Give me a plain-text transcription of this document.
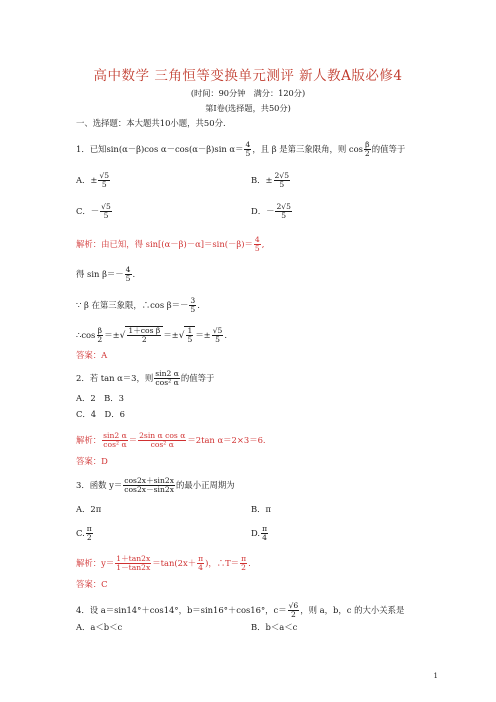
高中数学 三角恒等变换单元测评 新人教A版必修4
(时间：90分钟　满分：120分)
第Ⅰ卷(选择题，共50分)
一、选择题：本大题共10小题，共50分.
1．已知sin(α－β)cos α－cos(α－β)sin $\alpha= \frac{4}{5}$ ，且 β 是第三象限角，则 $\cos \frac{\beta}{2}$ 的值等于
A．± $\frac{√5}{5}$	B．± $\frac{2√5}{5}$
C．－ $\frac{√5}{5}$	D．－ $\frac{2√5}{5}$
解析：由已知，得 $\sin[(\alpha-\beta)-\alpha]=\sin(-\beta)= \frac{4}{5}$ ,
得 $\sin \beta=- \frac{4}{5}$ .
∵ β 在第三象限，∴cos $\beta=- \frac{3}{5}$ .
∴cos $\frac{\beta}{2}$ ＝±√ $\frac{\text{1＋cos β}}{2}$ ＝±√ $\frac{1}{5} =\pm \frac{√5}{5}$ .
答案：A
2．若 tan α＝3，则 $\frac{\sin 2 \alpha}{\text{cos² α}}$ 的值等于
A．2　B．3
C．4　D．6
解析： $\frac{\sin 2 \alpha}{\text{cos² α}} = \frac{\text{2sin α cos α}}{\text{cos² α}} =2\tan$ α＝2×3＝6.
答案：D
3．函数 $y= \frac{\cos 2x+\sin 2x}{\cos 2x-\sin 2x}$ 的最小正周期为
A．2π	B．π
C. $\frac{\pi}{2}$	D. $\frac{\pi}{4}$
解析：$y= \frac{1+\tan 2x}{1-\tan 2x} =\tan(2x+ \frac{\pi}{4}$ )，∴T＝ $\frac{\pi}{2}$ .
答案：C
4．设 a＝sin14°＋cos14°，b＝sin16°＋cos16°，$c= \frac{√6}{2}$ ，则 a，b，c 的大小关系是
A．a＜b＜c	B．b＜a＜c
1
